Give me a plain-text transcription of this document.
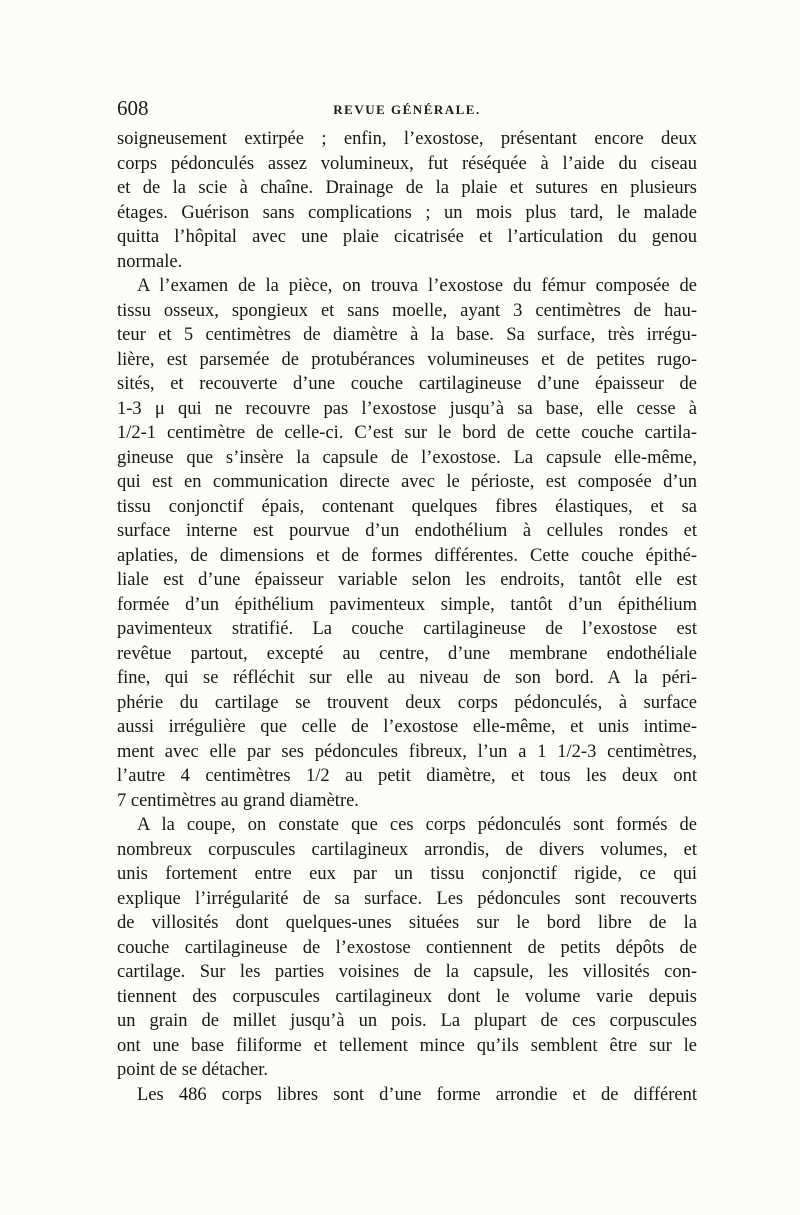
608	REVUE GÉNÉRALE.
soigneusement extirpée ; enfin, l’exostose, présentant encore deux
corps pédonculés assez volumineux, fut réséquée à l’aide du ciseau
et de la scie à chaîne. Drainage de la plaie et sutures en plusieurs
étages. Guérison sans complications ; un mois plus tard, le malade
quitta l’hôpital avec une plaie cicatrisée et l’articulation du genou
normale.
A l’examen de la pièce, on trouva l’exostose du fémur composée de
tissu osseux, spongieux et sans moelle, ayant 3 centimètres de hau-
teur et 5 centimètres de diamètre à la base. Sa surface, très irrégu-
lière, est parsemée de protubérances volumineuses et de petites rugo-
sités, et recouverte d’une couche cartilagineuse d’une épaisseur de
1-3 μ qui ne recouvre pas l’exostose jusqu’à sa base, elle cesse à
1/2-1 centimètre de celle-ci. C’est sur le bord de cette couche cartila-
gineuse que s’insère la capsule de l’exostose. La capsule elle-même,
qui est en communication directe avec le périoste, est composée d’un
tissu conjonctif épais, contenant quelques fibres élastiques, et sa
surface interne est pourvue d’un endothélium à cellules rondes et
aplaties, de dimensions et de formes différentes. Cette couche épithé-
liale est d’une épaisseur variable selon les endroits, tantôt elle est
formée d’un épithélium pavimenteux simple, tantôt d’un épithélium
pavimenteux stratifié. La couche cartilagineuse de l’exostose est
revêtue partout, excepté au centre, d’une membrane endothéliale
fine, qui se réfléchit sur elle au niveau de son bord. A la péri-
phérie du cartilage se trouvent deux corps pédonculés, à surface
aussi irrégulière que celle de l’exostose elle-même, et unis intime-
ment avec elle par ses pédoncules fibreux, l’un a 1 1/2-3 centimètres,
l’autre 4 centimètres 1/2 au petit diamètre, et tous les deux ont
7 centimètres au grand diamètre.
A la coupe, on constate que ces corps pédonculés sont formés de
nombreux corpuscules cartilagineux arrondis, de divers volumes, et
unis fortement entre eux par un tissu conjonctif rigide, ce qui
explique l’irrégularité de sa surface. Les pédoncules sont recouverts
de villosités dont quelques-unes situées sur le bord libre de la
couche cartilagineuse de l’exostose contiennent de petits dépôts de
cartilage. Sur les parties voisines de la capsule, les villosités con-
tiennent des corpuscules cartilagineux dont le volume varie depuis
un grain de millet jusqu’à un pois. La plupart de ces corpuscules
ont une base filiforme et tellement mince qu’ils semblent être sur le
point de se détacher.
Les 486 corps libres sont d’une forme arrondie et de différent
